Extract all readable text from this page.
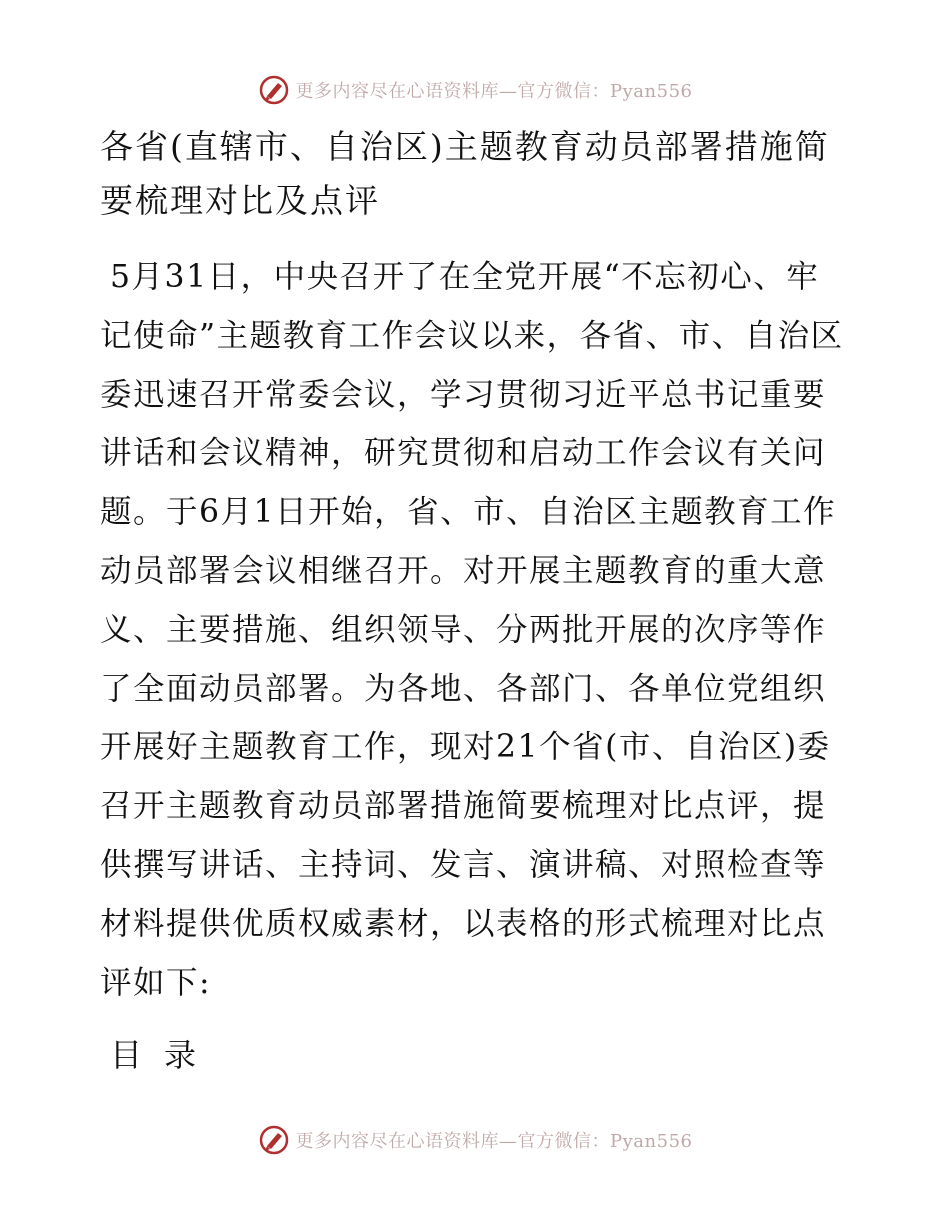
更多内容尽在心语资料库—官方微信：Pyan556
各省(直辖市、自治区)主题教育动员部署措施简要梳理对比及点评

5月31日，中央召开了在全党开展“不忘初心、牢记使命”主题教育工作会议以来，各省、市、自治区委迅速召开常委会议，学习贯彻习近平总书记重要讲话和会议精神，研究贯彻和启动工作会议有关问题。于6月1日开始，省、市、自治区主题教育工作动员部署会议相继召开。对开展主题教育的重大意义、主要措施、组织领导、分两批开展的次序等作了全面动员部署。为各地、各部门、各单位党组织开展好主题教育工作，现对21个省(市、自治区)委召开主题教育动员部署措施简要梳理对比点评，提供撰写讲话、主持词、发言、演讲稿、对照检查等材料提供优质权威素材，以表格的形式梳理对比点评如下:

目录

更多内容尽在心语资料库—官方微信：Pyan556
